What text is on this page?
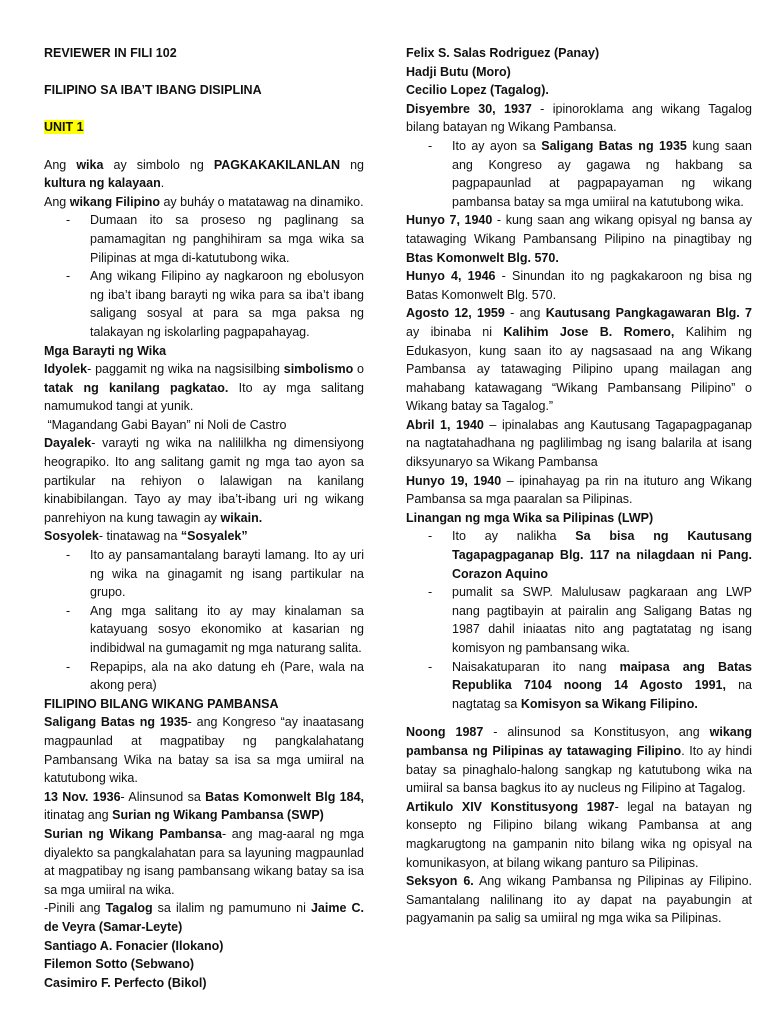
REVIEWER IN FILI 102

FILIPINO SA IBA’T IBANG DISIPLINA

UNIT 1

Ang wika ay simbolo ng PAGKAKAKILANLAN ng kultura ng kalayaan.

Ang wikang Filipino ay buháy o matatawag na dinamiko.

- Dumaan ito sa proseso ng paglinang sa pamamagitan ng panghihiram sa mga wika sa Pilipinas at mga di-katutubong wika.
- Ang wikang Filipino ay nagkaroon ng ebolusyon ng iba’t ibang barayti ng wika para sa iba’t ibang saligang sosyal at para sa mga paksa ng talakayan ng iskolarling pagpapahayag.

Mga Barayti ng Wika

Idyolek- paggamit ng wika na nagsisilbing simbolismo o tatak ng kanilang pagkatao. Ito ay mga salitang namumukod tangi at yunik.

“Magandang Gabi Bayan” ni Noli de Castro

Dayalek- varayti ng wika na nalililkha ng dimensiyong heograpiko. Ito ang salitang gamit ng mga tao ayon sa partikular na rehiyon o lalawigan na kanilang kinabibilangan. Tayo ay may iba’t-ibang uri ng wikang panrehiyon na kung tawagin ay wikain.

Sosyolek- tinatawag na “Sosyalek”

- Ito ay pansamantalang barayti lamang. Ito ay uri ng wika na ginagamit ng isang partikular na grupo.
- Ang mga salitang ito ay may kinalaman sa katayuang sosyo ekonomiko at kasarian ng indibidwal na gumagamit ng mga naturang salita.
- Repapips, ala na ako datung eh (Pare, wala na akong pera)

FILIPINO BILANG WIKANG PAMBANSA

Saligang Batas ng 1935- ang Kongreso “ay inaatasang magpaunlad at magpatibay ng pangkalahatang Pambansang Wika na batay sa isa sa mga umiiral na katutubong wika.

13 Nov. 1936- Alinsunod sa Batas Komonwelt Blg 184, itinatag ang Surian ng Wikang Pambansa (SWP)

Surian ng Wikang Pambansa- ang mag-aaral ng mga diyalekto sa pangkalahatan para sa layuning magpaunlad at magpatibay ng isang pambansang wikang batay sa isa sa mga umiiral na wika.

-Pinili ang Tagalog sa ilalim ng pamumuno ni Jaime C. de Veyra (Samar-Leyte)

Santiago A. Fonacier (Ilokano)

Filemon Sotto (Sebwano)

Casimiro F. Perfecto (Bikol)

Felix S. Salas Rodriguez (Panay)

Hadji Butu (Moro)

Cecilio Lopez (Tagalog).

Disyembre 30, 1937 - ipinoroklama ang wikang Tagalog bilang batayan ng Wikang Pambansa.

- Ito ay ayon sa Saligang Batas ng 1935 kung saan ang Kongreso ay gagawa ng hakbang sa pagpapaunlad at pagpapayaman ng wikang pambansa batay sa mga umiiral na katutubong wika.

Hunyo 7, 1940 - kung saan ang wikang opisyal ng bansa ay tatawaging Wikang Pambansang Pilipino na pinagtibay ng Btas Komonwelt Blg. 570.

Hunyo 4, 1946 - Sinundan ito ng pagkakaroon ng bisa ng Batas Komonwelt Blg. 570.

Agosto 12, 1959 - ang Kautusang Pangkagawaran Blg. 7 ay ibinaba ni Kalihim Jose B. Romero, Kalihim ng Edukasyon, kung saan ito ay nagsasaad na ang Wikang Pambansa ay tatawaging Pilipino upang mailagan ang mahabang katawagang “Wikang Pambansang Pilipino” o Wikang batay sa Tagalog.”

Abril 1, 1940 – ipinalabas ang Kautusang Tagapagpaganap na nagtatahadhana ng paglilimbag ng isang balarila at isang diksyunaryo sa Wikang Pambansa

Hunyo 19, 1940 – ipinahayag pa rin na ituturo ang Wikang Pambansa sa mga paaralan sa Pilipinas.

Linangan ng mga Wika sa Pilipinas (LWP)

- Ito ay nalikha Sa bisa ng Kautusang Tagapagpaganap Blg. 117 na nilagdaan ni Pang. Corazon Aquino
- pumalit sa SWP. Malulusaw pagkaraan ang LWP nang pagtibayin at pairalin ang Saligang Batas ng 1987 dahil iniaatas nito ang pagtatatag ng isang komisyon ng pambansang wika.
- Naisakatuparan ito nang maipasa ang Batas Republika 7104 noong 14 Agosto 1991, na nagtatag sa Komisyon sa Wikang Filipino.

Noong 1987 - alinsunod sa Konstitusyon, ang wikang pambansa ng Pilipinas ay tatawaging Filipino. Ito ay hindi batay sa pinaghalo-halong sangkap ng katutubong wika na umiiral sa bansa bagkus ito ay nucleus ng Filipino at Tagalog.

Artikulo XIV Konstitusyong 1987- legal na batayan ng konsepto ng Filipino bilang wikang Pambansa at ang magkarugtong na gampanin nito bilang wika ng opisyal na komunikasyon, at bilang wikang panturo sa Pilipinas.

Seksyon 6. Ang wikang Pambansa ng Pilipinas ay Filipino. Samantalang nalilinang ito ay dapat na payabungin at pagyamanin pa salig sa umiiral ng mga wika sa Pilipinas.
